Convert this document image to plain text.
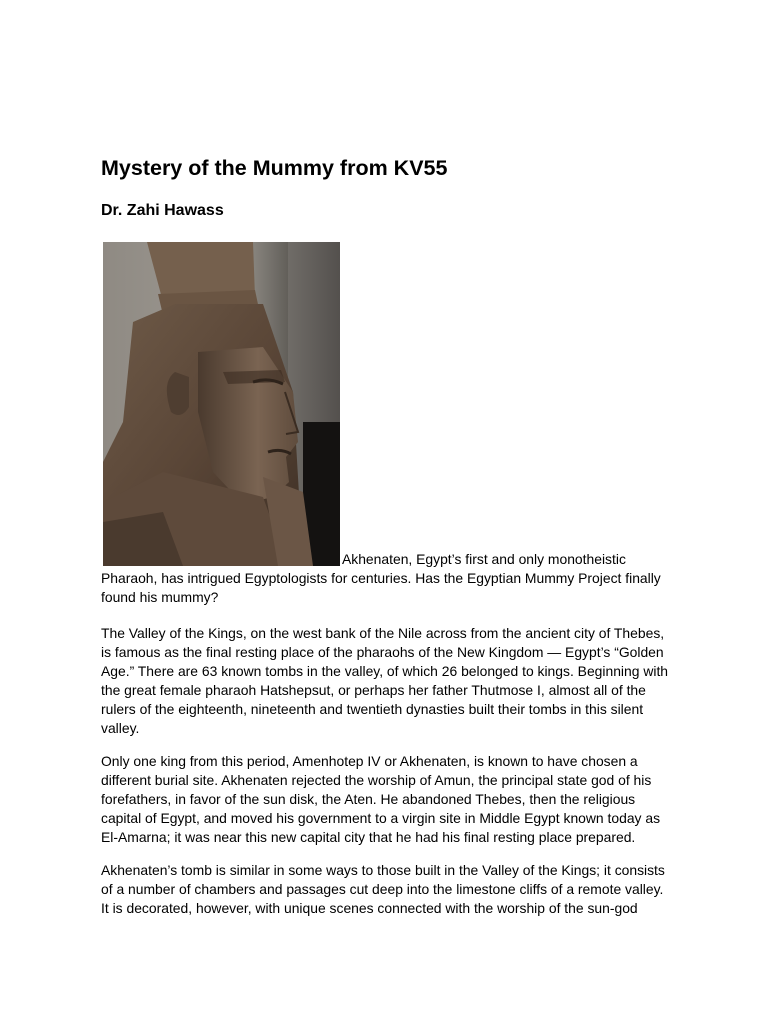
Mystery of the Mummy from KV55
Dr. Zahi Hawass

Akhenaten, Egypt’s first and only monotheistic Pharaoh, has intrigued Egyptologists for centuries. Has the Egyptian Mummy Project finally found his mummy?

The Valley of the Kings, on the west bank of the Nile across from the ancient city of Thebes, is famous as the final resting place of the pharaohs of the New Kingdom — Egypt’s “Golden Age.” There are 63 known tombs in the valley, of which 26 belonged to kings. Beginning with the great female pharaoh Hatshepsut, or perhaps her father Thutmose I, almost all of the rulers of the eighteenth, nineteenth and twentieth dynasties built their tombs in this silent valley.

Only one king from this period, Amenhotep IV or Akhenaten, is known to have chosen a different burial site. Akhenaten rejected the worship of Amun, the principal state god of his forefathers, in favor of the sun disk, the Aten. He abandoned Thebes, then the religious capital of Egypt, and moved his government to a virgin site in Middle Egypt known today as El-Amarna; it was near this new capital city that he had his final resting place prepared.

Akhenaten’s tomb is similar in some ways to those built in the Valley of the Kings; it consists of a number of chambers and passages cut deep into the limestone cliffs of a remote valley. It is decorated, however, with unique scenes connected with the worship of the sun-god
